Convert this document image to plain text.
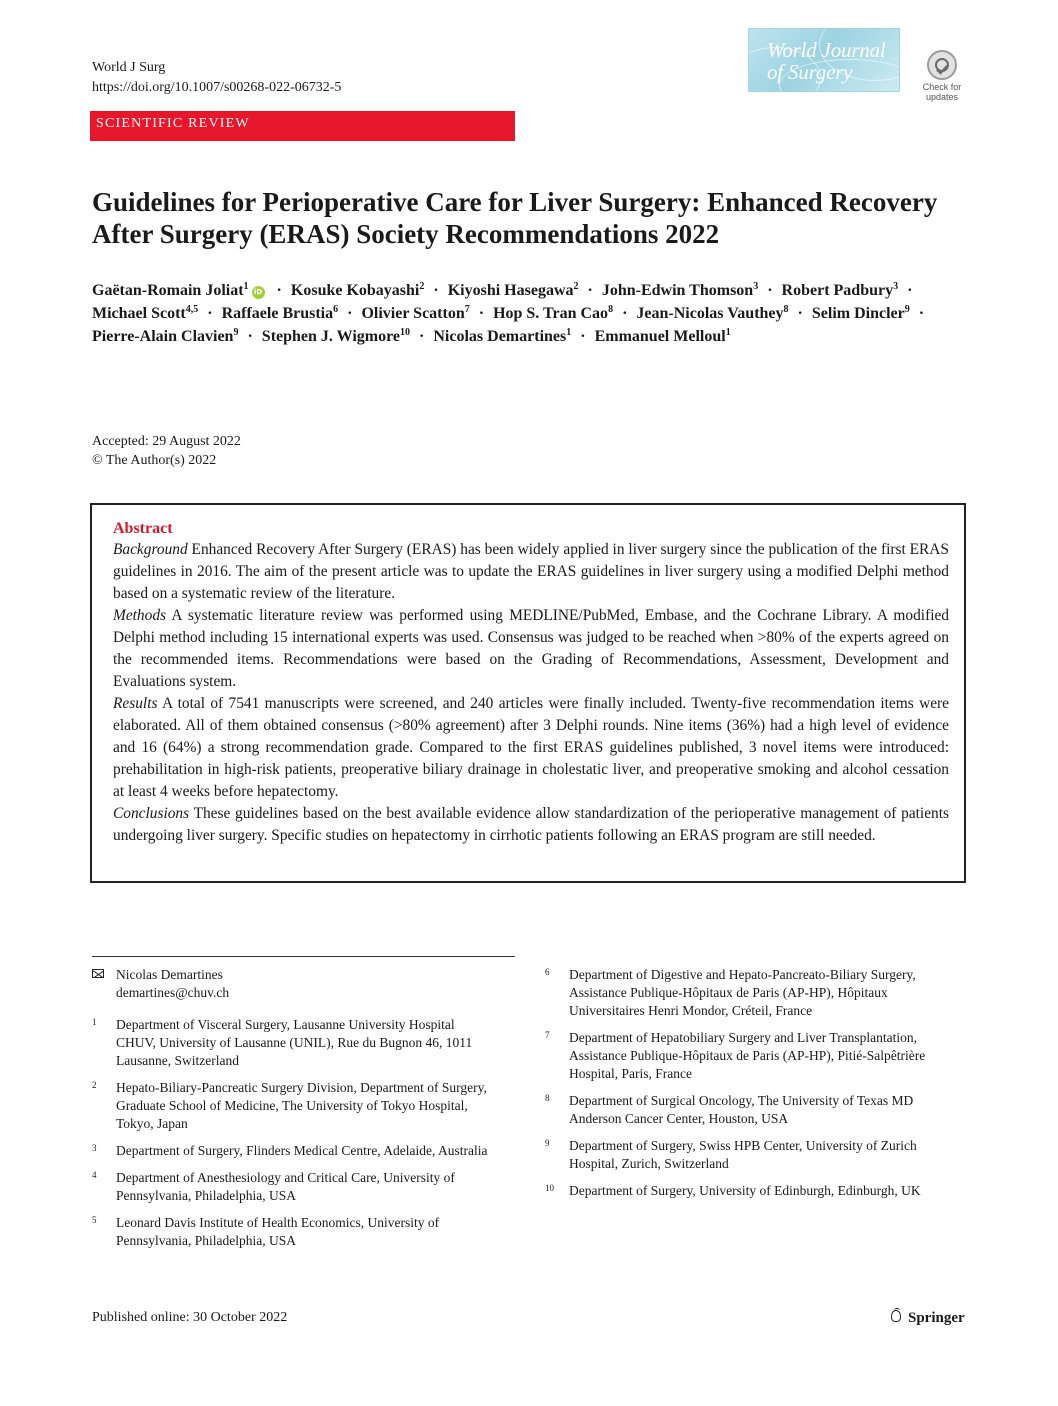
World J Surg
https://doi.org/10.1007/s00268-022-06732-5
World Journal
of Surgery
Check for
updates
SCIENTIFIC REVIEW
Guidelines for Perioperative Care for Liver Surgery: Enhanced Recovery After Surgery (ERAS) Society Recommendations 2022
Gaëtan-Romain Joliat$^1$ iD · Kosuke Kobayashi$^2$ · Kiyoshi Hasegawa$^2$ · John-Edwin Thomson$^3$ · Robert Padbury$^3$ · Michael Scott$^{4,5}$ · Raffaele Brustia$^6$ · Olivier Scatton$^7$ · Hop S. Tran Cao$^8$ · Jean-Nicolas Vauthey$^8$ · Selim Dincler$^9$ · Pierre-Alain Clavien$^9$ · Stephen J. Wigmore$^{10}$ · Nicolas Demartines$^1$ · Emmanuel Melloul$^1$
Accepted: 29 August 2022
© The Author(s) 2022
Abstract
Background Enhanced Recovery After Surgery (ERAS) has been widely applied in liver surgery since the publication of the first ERAS guidelines in 2016. The aim of the present article was to update the ERAS guidelines in liver surgery using a modified Delphi method based on a systematic review of the literature.
Methods A systematic literature review was performed using MEDLINE/PubMed, Embase, and the Cochrane Library. A modified Delphi method including 15 international experts was used. Consensus was judged to be reached when >80% of the experts agreed on the recommended items. Recommendations were based on the Grading of Recommendations, Assessment, Development and Evaluations system.
Results A total of 7541 manuscripts were screened, and 240 articles were finally included. Twenty-five recommendation items were elaborated. All of them obtained consensus (>80% agreement) after 3 Delphi rounds. Nine items (36%) had a high level of evidence and 16 (64%) a strong recommendation grade. Compared to the first ERAS guidelines published, 3 novel items were introduced: prehabilitation in high-risk patients, preoperative biliary drainage in cholestatic liver, and preoperative smoking and alcohol cessation at least 4 weeks before hepatectomy.
Conclusions These guidelines based on the best available evidence allow standardization of the perioperative management of patients undergoing liver surgery. Specific studies on hepatectomy in cirrhotic patients following an ERAS program are still needed.
Nicolas Demartines
demartines@chuv.ch
1 Department of Visceral Surgery, Lausanne University Hospital CHUV, University of Lausanne (UNIL), Rue du Bugnon 46, 1011 Lausanne, Switzerland
2 Hepato-Biliary-Pancreatic Surgery Division, Department of Surgery, Graduate School of Medicine, The University of Tokyo Hospital, Tokyo, Japan
3 Department of Surgery, Flinders Medical Centre, Adelaide, Australia
4 Department of Anesthesiology and Critical Care, University of Pennsylvania, Philadelphia, USA
5 Leonard Davis Institute of Health Economics, University of Pennsylvania, Philadelphia, USA
6 Department of Digestive and Hepato-Pancreato-Biliary Surgery, Assistance Publique-Hôpitaux de Paris (AP-HP), Hôpitaux Universitaires Henri Mondor, Créteil, France
7 Department of Hepatobiliary Surgery and Liver Transplantation, Assistance Publique-Hôpitaux de Paris (AP-HP), Pitié-Salpêtrière Hospital, Paris, France
8 Department of Surgical Oncology, The University of Texas MD Anderson Cancer Center, Houston, USA
9 Department of Surgery, Swiss HPB Center, University of Zurich Hospital, Zurich, Switzerland
10 Department of Surgery, University of Edinburgh, Edinburgh, UK
Published online: 30 October 2022	Springer
